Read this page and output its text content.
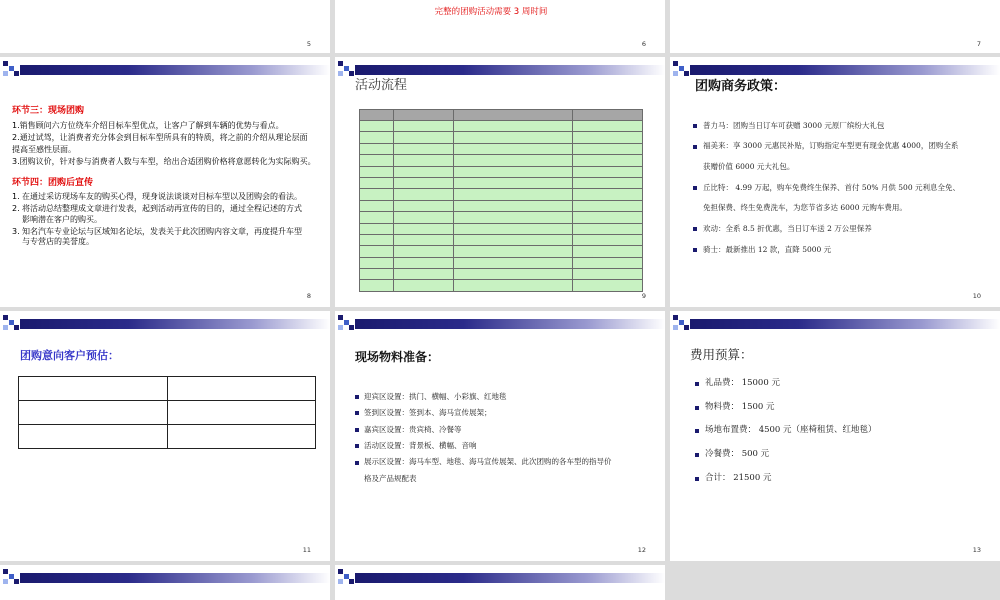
5
完整的团购活动需要 3 周时间
6	7
环节三：现场团购
1.销售顾问六方位绕车介绍目标车型优点，让客户了解到车辆的优势与看点。
2.通过试驾，让消费者充分体会到目标车型所具有的特质，将之前的介绍从理论层面
提高至感性层面。
3.团购议价，针对参与消费者人数与车型，给出合适团购价格将意愿转化为实际购买。
环节四：团购后宣传
1. 在通过采访现场车友的购买心得，现身说法谈谈对目标车型以及团购会的看法。
2. 将活动总结整理成文章进行发表，起到活动再宣传的目的，通过全程记述的方式
影响潜在客户的购买。
3. 知名汽车专业论坛与区域知名论坛，发表关于此次团购内容文章，再度提升车型
与专营店的美誉度。
8
活动流程

9
团购商务政策：
普力马：团购当日订车可获赠 3000 元原厂缤纷大礼包
福美来：享 3000 元惠民补贴，订购指定车型更有现金优惠 4000，团购全系
获赠价值 6000 元大礼包。
丘比特： 4.99 万起，购车免费终生保养、首付 50% 月供 500 元利息全免、
免担保费、终生免费洗车，为您节省多达 6000 元购车费用。
欢动：全系 8.5 折优惠，当日订车送 2 万公里保养
骑士：最新推出 12 款，直降 5000 元
10
团购意向客户预估：

11
现场物料准备：
迎宾区设置：拱门、横幅、小彩旗、红地毯
签到区设置：签到本、海马宣传展架；
嘉宾区设置：贵宾椅、冷餐等
活动区设置：背景板、横幅、音响
展示区设置：海马车型、地毯、海马宣传展架、此次团购的各车型的指导价
格及产品规配表
12
费用预算：
礼品费： 15000 元
物料费： 1500 元
场地布置费： 4500 元（座椅租赁、红地毯）
冷餐费： 500 元
合计： 21500 元
13
